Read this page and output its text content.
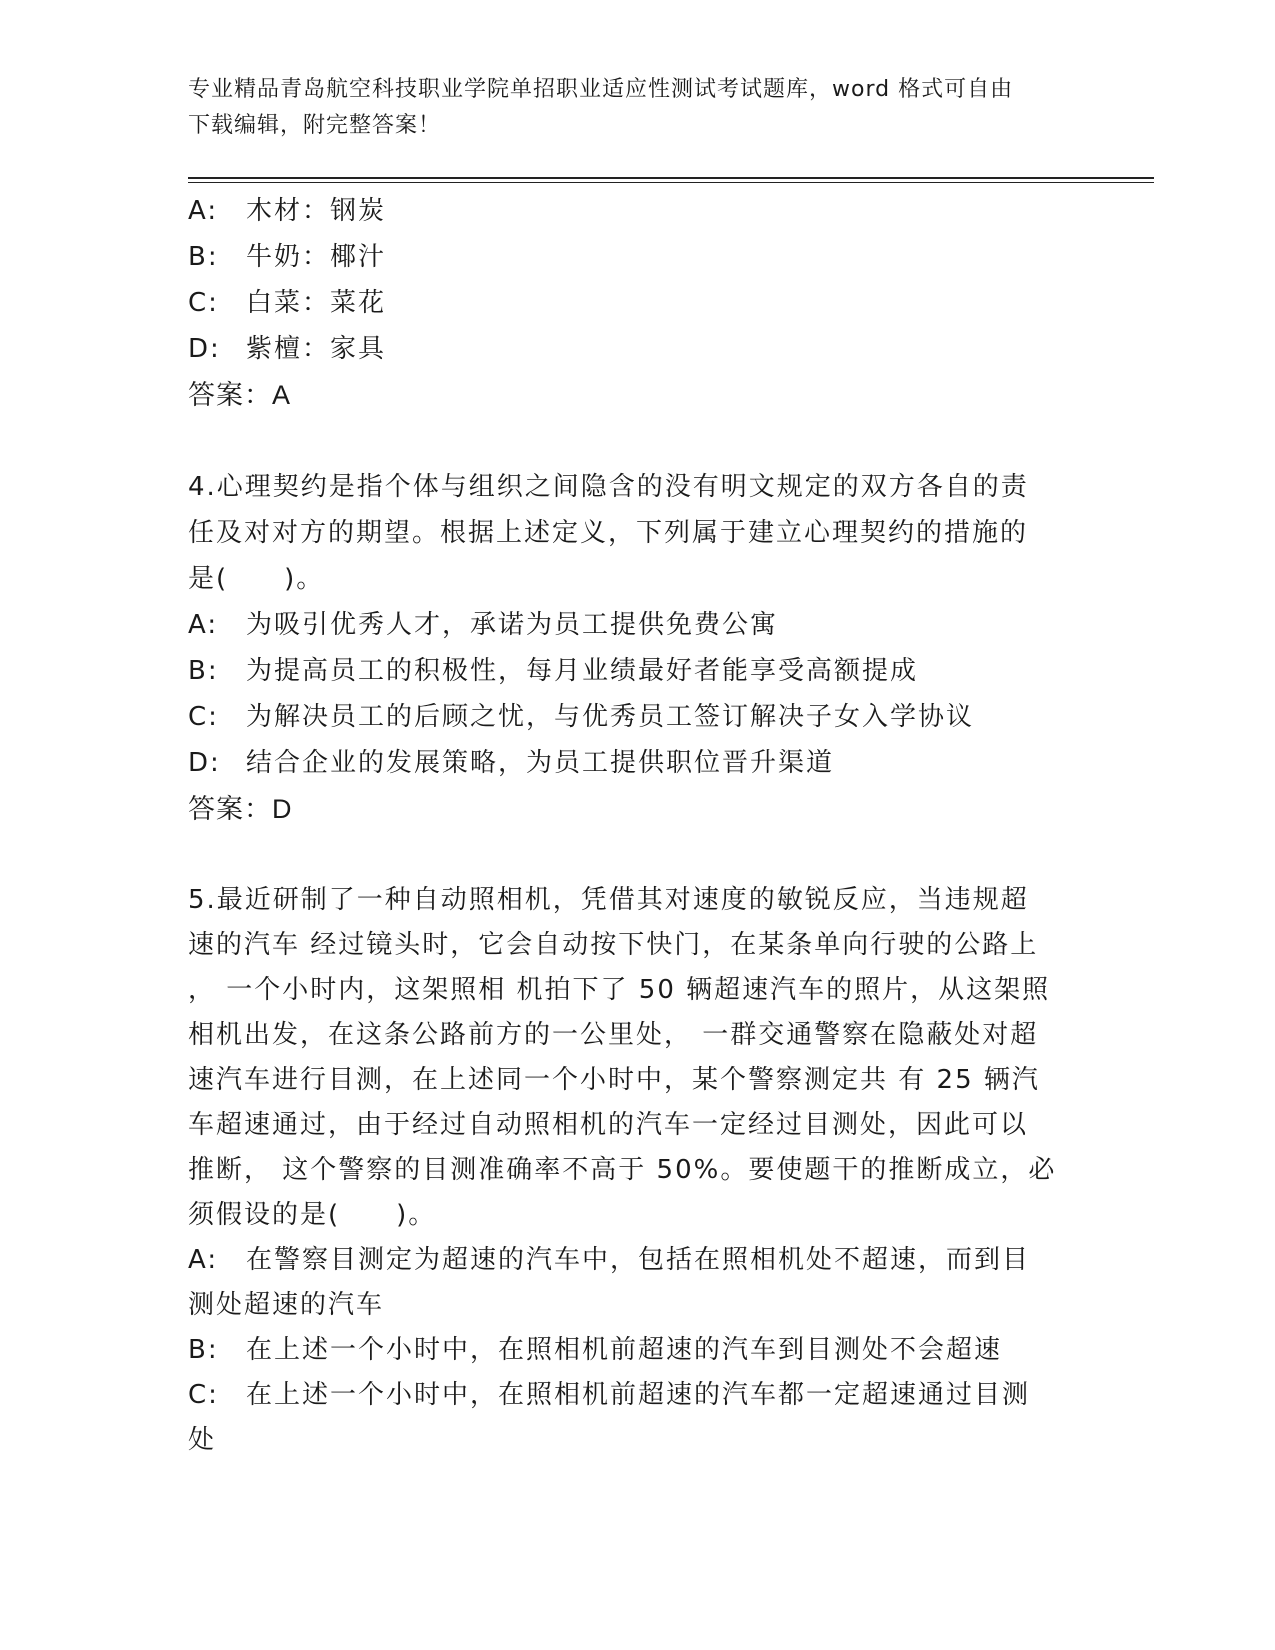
专业精品青岛航空科技职业学院单招职业适应性测试考试题库，word 格式可自由
下载编辑，附完整答案！
A: 木材：钢炭
B: 牛奶：椰汁
C: 白菜：菜花
D: 紫檀：家具
答案：A
4.心理契约是指个体与组织之间隐含的没有明文规定的双方各自的责
任及对对方的期望。根据上述定义，下列属于建立心理契约的措施的
是(　　)。
A: 为吸引优秀人才，承诺为员工提供免费公寓
B: 为提高员工的积极性，每月业绩最好者能享受高额提成
C: 为解决员工的后顾之忧，与优秀员工签订解决子女入学协议
D: 结合企业的发展策略，为员工提供职位晋升渠道
答案：D
5.最近研制了一种自动照相机，凭借其对速度的敏锐反应，当违规超
速的汽车 经过镜头时，它会自动按下快门，在某条单向行驶的公路上
， 一个小时内，这架照相 机拍下了 50 辆超速汽车的照片，从这架照
相机出发，在这条公路前方的一公里处， 一群交通警察在隐蔽处对超
速汽车进行目测，在上述同一个小时中，某个警察测定共 有 25 辆汽
车超速通过，由于经过自动照相机的汽车一定经过目测处，因此可以
推断， 这个警察的目测准确率不高于 50%。要使题干的推断成立，必
须假设的是(　　)。
A: 在警察目测定为超速的汽车中，包括在照相机处不超速，而到目
测处超速的汽车
B: 在上述一个小时中，在照相机前超速的汽车到目测处不会超速
C: 在上述一个小时中，在照相机前超速的汽车都一定超速通过目测
处
